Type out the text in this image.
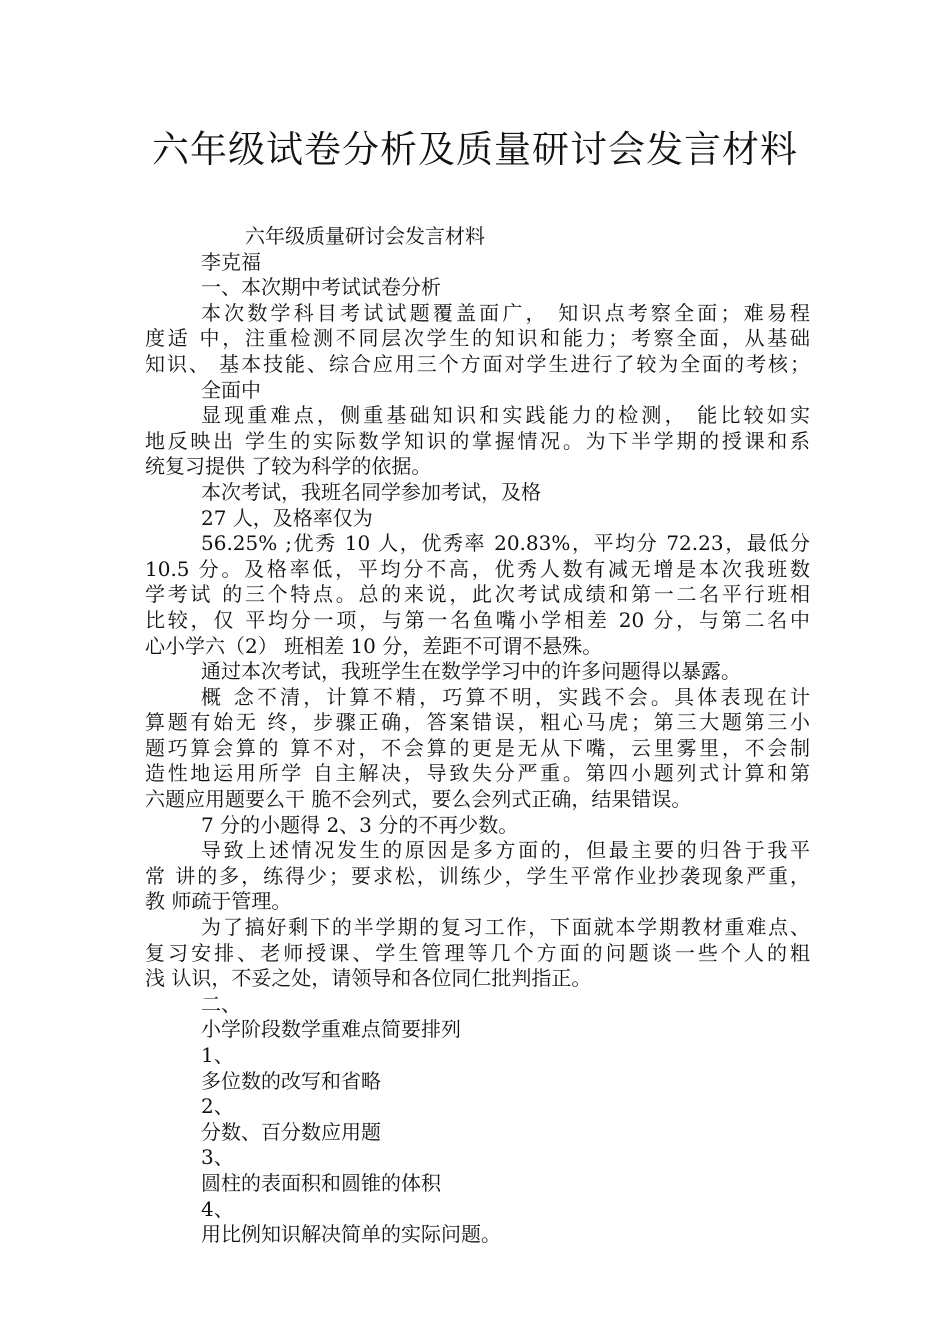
六年级试卷分析及质量研讨会发言材料
六年级质量研讨会发言材料
李克福
一、本次期中考试试卷分析
本次数学科目考试试题覆盖面广， 知识点考察全面；难易程
度适 中，注重检测不同层次学生的知识和能力；考察全面，从基础
知识、 基本技能、综合应用三个方面对学生进行了较为全面的考核；
全面中
显现重难点，侧重基础知识和实践能力的检测， 能比较如实
地反映出 学生的实际数学知识的掌握情况。为下半学期的授课和系
统复习提供 了较为科学的依据。
本次考试，我班名同学参加考试，及格
27 人，及格率仅为
56.25% ;优秀 10 人，优秀率 20.83%，平均分 72.23，最低分
10.5 分。及格率低，平均分不高，优秀人数有减无增是本次我班数
学考试 的三个特点。总的来说，此次考试成绩和第一二名平行班相
比较，仅 平均分一项，与第一名鱼嘴小学相差 20 分，与第二名中
心小学六（2） 班相差 10 分，差距不可谓不悬殊。
通过本次考试，我班学生在数学学习中的许多问题得以暴露。
概 念不清，计算不精，巧算不明，实践不会。具体表现在计
算题有始无 终，步骤正确，答案错误，粗心马虎；第三大题第三小
题巧算会算的 算不对，不会算的更是无从下嘴，云里雾里，不会制
造性地运用所学 自主解决，导致失分严重。第四小题列式计算和第
六题应用题要么干 脆不会列式，要么会列式正确，结果错误。
7 分的小题得 2、3 分的不再少数。
导致上述情况发生的原因是多方面的，但最主要的归咎于我平
常 讲的多，练得少；要求松，训练少，学生平常作业抄袭现象严重，
教 师疏于管理。
为了搞好剩下的半学期的复习工作，下面就本学期教材重难点、
复习安排、老师授课、学生管理等几个方面的问题谈一些个人的粗
浅 认识，不妥之处，请领导和各位同仁批判指正。
二、
小学阶段数学重难点简要排列
1、
多位数的改写和省略
2、
分数、百分数应用题
3、
圆柱的表面积和圆锥的体积
4、
用比例知识解决简单的实际问题。
